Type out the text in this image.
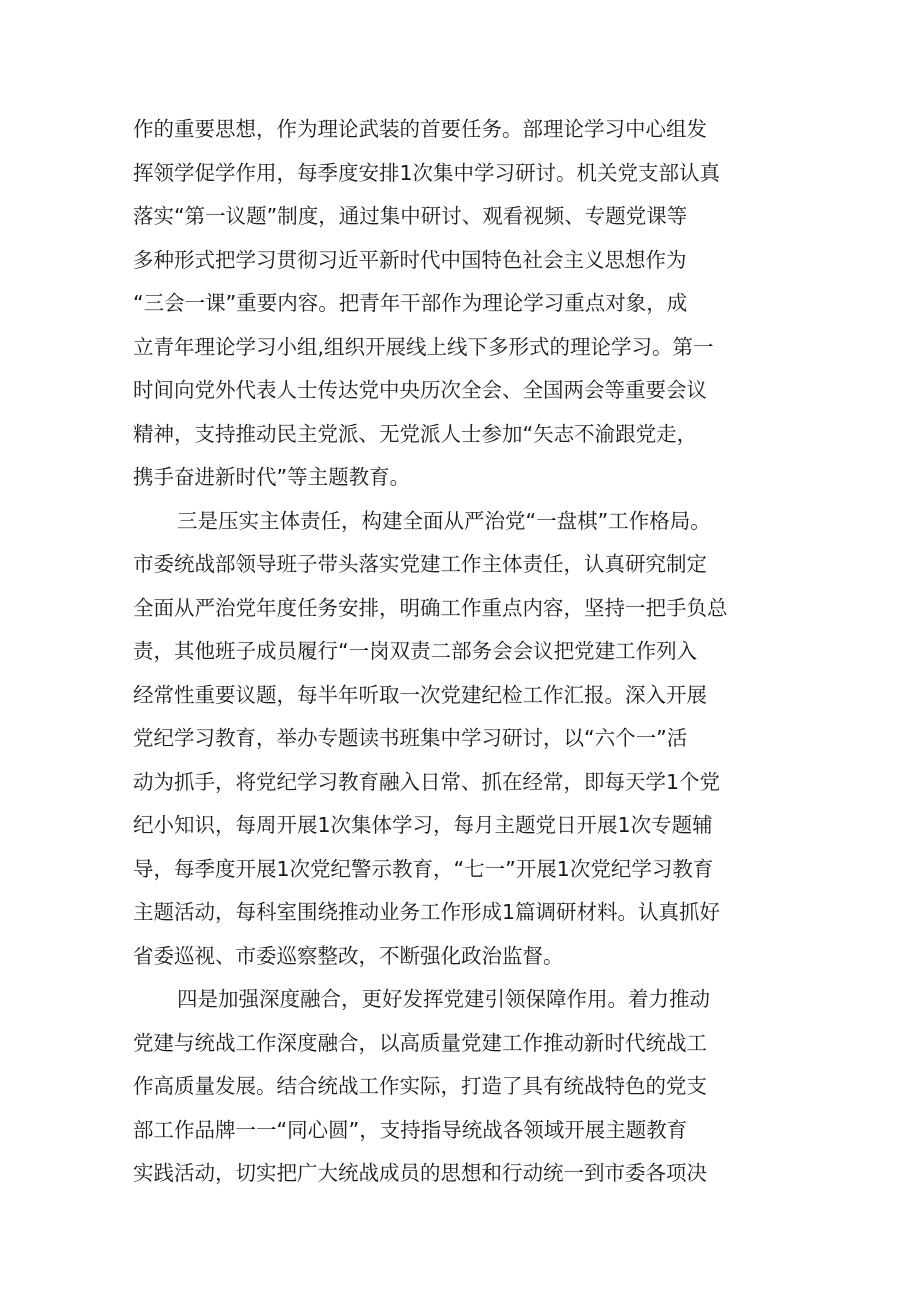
作的重要思想，作为理论武装的首要任务。部理论学习中心组发
挥领学促学作用，每季度安排1次集中学习研讨。机关党支部认真
落实“第一议题”制度，通过集中研讨、观看视频、专题党课等
多种形式把学习贯彻习近平新时代中国特色社会主义思想作为
“三会一课”重要内容。把青年干部作为理论学习重点对象，成
立青年理论学习小组,组织开展线上线下多形式的理论学习。第一
时间向党外代表人士传达党中央历次全会、全国两会等重要会议
精神，支持推动民主党派、无党派人士参加“矢志不渝跟党走，
携手奋进新时代”等主题教育。
三是压实主体责任，构建全面从严治党“一盘棋”工作格局。
市委统战部领导班子带头落实党建工作主体责任，认真研究制定
全面从严治党年度任务安排，明确工作重点内容，坚持一把手负总
责，其他班子成员履行“一岗双责二部务会会议把党建工作列入
经常性重要议题，每半年听取一次党建纪检工作汇报。深入开展
党纪学习教育，举办专题读书班集中学习研讨，以“六个一”活
动为抓手，将党纪学习教育融入日常、抓在经常，即每天学1个党
纪小知识，每周开展1次集体学习，每月主题党日开展1次专题辅
导，每季度开展1次党纪警示教育，“七一”开展1次党纪学习教育
主题活动，每科室围绕推动业务工作形成1篇调研材料。认真抓好
省委巡视、市委巡察整改，不断强化政治监督。
四是加强深度融合，更好发挥党建引领保障作用。着力推动
党建与统战工作深度融合，以高质量党建工作推动新时代统战工
作高质量发展。结合统战工作实际，打造了具有统战特色的党支
部工作品牌一一“同心圆”，支持指导统战各领域开展主题教育
实践活动，切实把广大统战成员的思想和行动统一到市委各项决
